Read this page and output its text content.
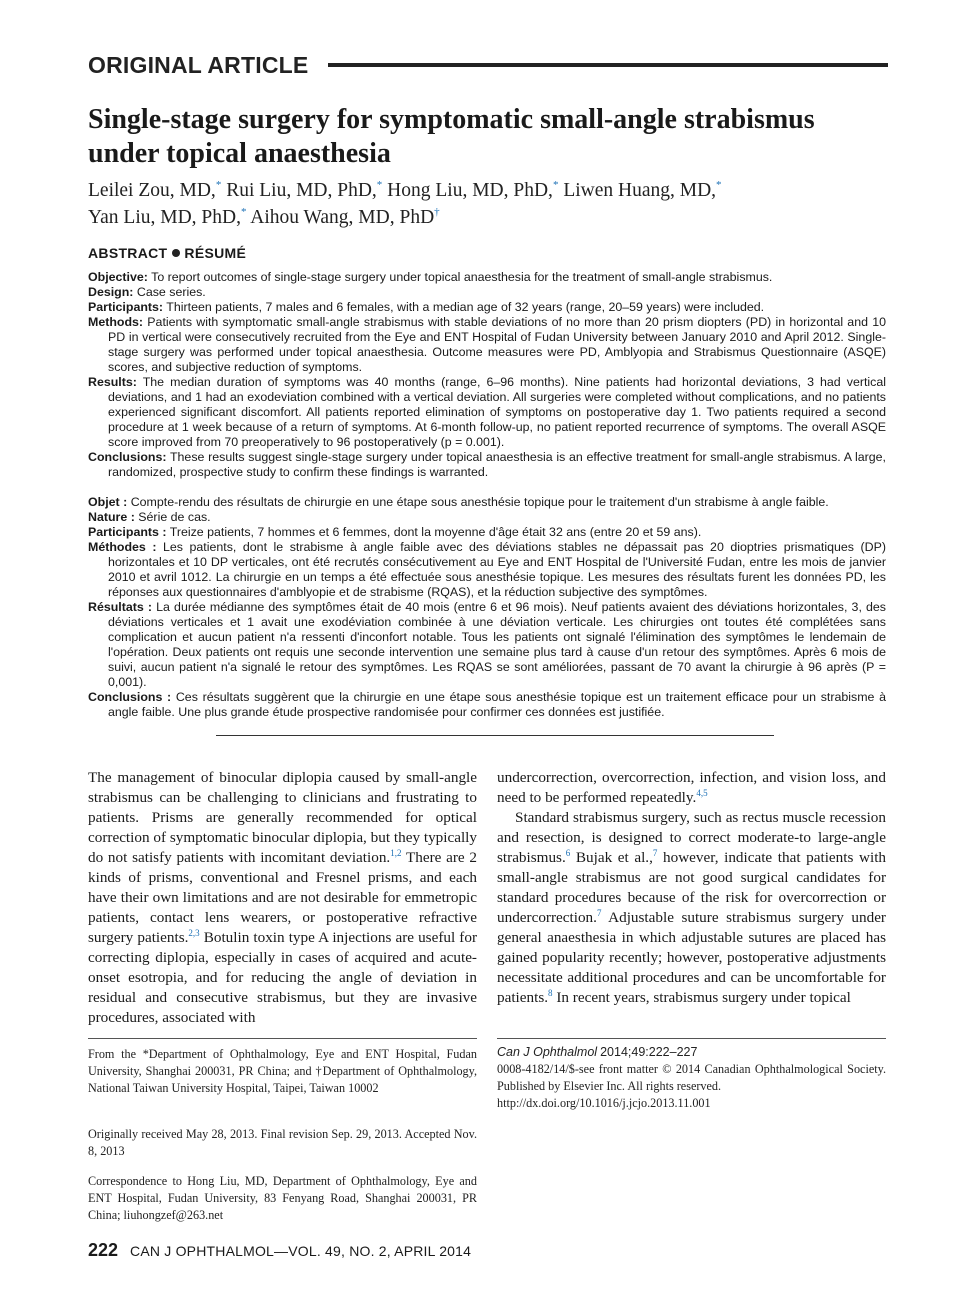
ORIGINAL ARTICLE
Single-stage surgery for symptomatic small-angle strabismus under topical anaesthesia

Leilei Zou, MD,* Rui Liu, MD, PhD,* Hong Liu, MD, PhD,* Liwen Huang, MD,*
Yan Liu, MD, PhD,* Aihou Wang, MD, PhD†

ABSTRACT RÉSUMÉ

Objective: To report outcomes of single-stage surgery under topical anaesthesia for the treatment of small-angle strabismus.

Design: Case series.

Participants: Thirteen patients, 7 males and 6 females, with a median age of 32 years (range, 20–59 years) were included.

Methods: Patients with symptomatic small-angle strabismus with stable deviations of no more than 20 prism diopters (PD) in horizontal and 10 PD in vertical were consecutively recruited from the Eye and ENT Hospital of Fudan University between January 2010 and April 2012. Single-stage surgery was performed under topical anaesthesia. Outcome measures were PD, Amblyopia and Strabismus Questionnaire (ASQE) scores, and subjective reduction of symptoms.

Results: The median duration of symptoms was 40 months (range, 6–96 months). Nine patients had horizontal deviations, 3 had vertical deviations, and 1 had an exodeviation combined with a vertical deviation. All surgeries were completed without complications, and no patients experienced significant discomfort. All patients reported elimination of symptoms on postoperative day 1. Two patients required a second procedure at 1 week because of a return of symptoms. At 6-month follow-up, no patient reported recurrence of symptoms. The overall ASQE score improved from 70 preoperatively to 96 postoperatively (p = 0.001).

Conclusions: These results suggest single-stage surgery under topical anaesthesia is an effective treatment for small-angle strabismus. A large, randomized, prospective study to confirm these findings is warranted.

Objet : Compte-rendu des résultats de chirurgie en une étape sous anesthésie topique pour le traitement d'un strabisme à angle faible.

Nature : Série de cas.

Participants : Treize patients, 7 hommes et 6 femmes, dont la moyenne d'âge était 32 ans (entre 20 et 59 ans).

Méthodes : Les patients, dont le strabisme à angle faible avec des déviations stables ne dépassait pas 20 dioptries prismatiques (DP) horizontales et 10 DP verticales, ont été recrutés consécutivement au Eye and ENT Hospital de l'Université Fudan, entre les mois de janvier 2010 et avril 1012. La chirurgie en un temps a été effectuée sous anesthésie topique. Les mesures des résultats furent les données PD, les réponses aux questionnaires d'amblyopie et de strabisme (RQAS), et la réduction subjective des symptômes.

Résultats : La durée médianne des symptômes était de 40 mois (entre 6 et 96 mois). Neuf patients avaient des déviations horizontales, 3, des déviations verticales et 1 avait une exodéviation combinée à une déviation verticale. Les chirurgies ont toutes été complétées sans complication et aucun patient n'a ressenti d'inconfort notable. Tous les patients ont signalé l'élimination des symptômes le lendemain de l'opération. Deux patients ont requis une seconde intervention une semaine plus tard à cause d'un retour des symptômes. Après 6 mois de suivi, aucun patient n'a signalé le retour des symptômes. Les RQAS se sont améliorées, passant de 70 avant la chirurgie à 96 après (P = 0,001).

Conclusions : Ces résultats suggèrent que la chirurgie en une étape sous anesthésie topique est un traitement efficace pour un strabisme à angle faible. Une plus grande étude prospective randomisée pour confirmer ces données est justifiée.

The management of binocular diplopia caused by small-angle strabismus can be challenging to clinicians and frustrating to patients. Prisms are generally recommended for optical correction of symptomatic binocular diplopia, but they typically do not satisfy patients with incomitant deviation.$^{1,2}$ There are 2 kinds of prisms, conventional and Fresnel prisms, and each have their own limitations and are not desirable for emmetropic patients, contact lens wearers, or postoperative refractive surgery patients.$^{2,3}$ Botulin toxin type A injections are useful for correcting diplopia, especially in cases of acquired and acute-onset esotropia, and for reducing the angle of deviation in residual and consecutive strabismus, but they are invasive procedures, associated with

undercorrection, overcorrection, infection, and vision loss, and need to be performed repeatedly.$^{4,5}$

Standard strabismus surgery, such as rectus muscle recession and resection, is designed to correct moderate-to large-angle strabismus.$^6$ Bujak et al.,$^7$ however, indicate that patients with small-angle strabismus are not good surgical candidates for standard procedures because of the risk for overcorrection or undercorrection.$^7$ Adjustable suture strabismus surgery under general anaesthesia in which adjustable sutures are placed has gained popularity recently; however, postoperative adjustments necessitate additional procedures and can be uncomfortable for patients.$^8$ In recent years, strabismus surgery under topical

From the *Department of Ophthalmology, Eye and ENT Hospital, Fudan University, Shanghai 200031, PR China; and †Department of Ophthalmology, National Taiwan University Hospital, Taipei, Taiwan 10002

Originally received May 28, 2013. Final revision Sep. 29, 2013. Accepted Nov. 8, 2013

Correspondence to Hong Liu, MD, Department of Ophthalmology, Eye and ENT Hospital, Fudan University, 83 Fenyang Road, Shanghai 200031, PR China; liuhongzef@263.net

Can J Ophthalmol 2014;49:222–227

0008-4182/14/$-see front matter © 2014 Canadian Ophthalmological Society. Published by Elsevier Inc. All rights reserved.

http://dx.doi.org/10.1016/j.jcjo.2013.11.001

222 CAN J OPHTHALMOL—VOL. 49, NO. 2, APRIL 2014
